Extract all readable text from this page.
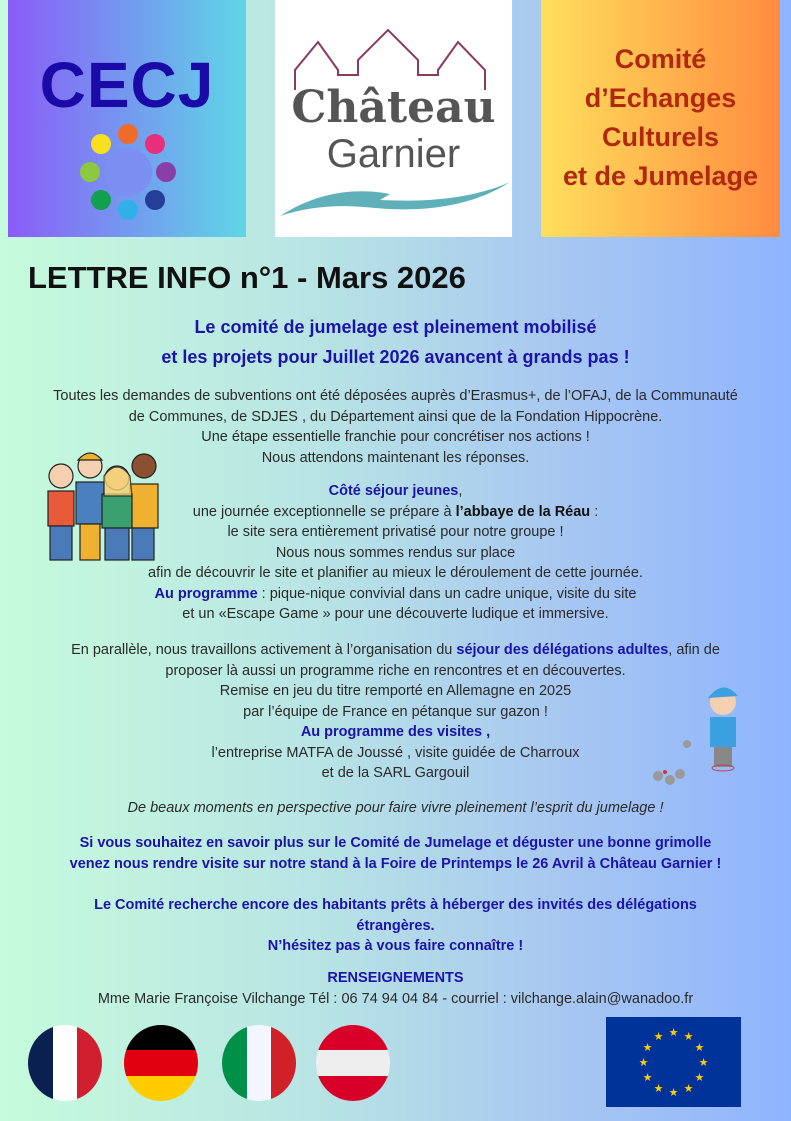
CECJ	Château
Garnier
Comité
d’Echanges
Culturels
et de Jumelage
LETTRE INFO n°1 - Mars 2026
Le comité de jumelage est pleinement mobilisé
et les projets pour Juillet 2026 avancent à grands pas !
Toutes les demandes de subventions ont été déposées auprès d’Erasmus+, de l’OFAJ, de la Communauté
de Communes, de SDJES , du Département ainsi que de la Fondation Hippocrène.
Une étape essentielle franchie pour concrétiser nos actions !
Nous attendons maintenant les réponses.
Côté séjour jeunes,
une journée exceptionnelle se prépare à l’abbaye de la Réau :
le site sera entièrement privatisé pour notre groupe !
Nous nous sommes rendus sur place
afin de découvrir le site et planifier au mieux le déroulement de cette journée.
Au programme : pique-nique convivial dans un cadre unique, visite du site
et un «Escape Game » pour une découverte ludique et immersive.
En parallèle, nous travaillons activement à l’organisation du séjour des délégations adultes, afin de
proposer là aussi un programme riche en rencontres et en découvertes.
Remise en jeu du titre remporté en Allemagne en 2025
par l’équipe de France en pétanque sur gazon !
Au programme des visites ,
l’entreprise MATFA de Joussé , visite guidée de Charroux
et de la SARL Gargouil
De beaux moments en perspective pour faire vivre pleinement l’esprit du jumelage !
Si vous souhaitez en savoir plus sur le Comité de Jumelage et déguster une bonne grimolle
venez nous rendre visite sur notre stand à la Foire de Printemps le 26 Avril à Château Garnier !
Le Comité recherche encore des habitants prêts à héberger des invités des délégations
étrangères.
N’hésitez pas à vous faire connaître !
RENSEIGNEMENTS
Mme Marie Françoise Vilchange Tél : 06 74 94 04 84 - courriel : vilchange.alain@wanadoo.fr
★ ★
★
★
★
★
★
★
★
★
★
★
